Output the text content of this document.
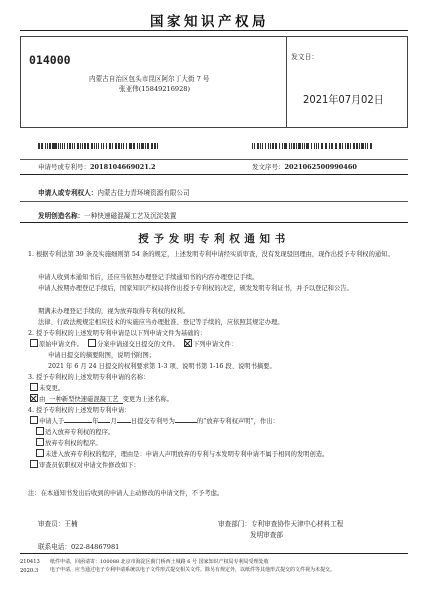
国家知识产权局
014000
内蒙古自治区包头市昆区阿尔丁大街 7 号
张亚伟(15849216928)
发文日：
2021年07月02日
申请号或专利号：2018104669021.2	发文序号：2021062500990460
申请人或专利权人：内蒙古佳力青环境资源有限公司
发明创造名称：一种快速磁混凝工艺及沉淀装置
授 予 发 明 专 利 权 通 知 书
1. 根据专利法第 39 条及实施细则第 54 条的规定，上述发明专利申请经实质审查，没有发现驳回理由，现作出授予专利权的通知。
申请人收到本通知书后，还应当依照办理登记手续通知书的内容办理登记手续。
申请人按期办理登记手续后，国家知识产权局将作出授予专利权的决定，颁发发明专利证书，并予以登记和公告。
期满未办理登记手续的，视为放弃取得专利权的权利。
法律、行政法规规定相应技术的实施应当办理批准、登记等手续的，应依照其规定办理。
2. 授予专利权的上述发明专利申请是以下列申请文件为基础的：
原始申请文件。 分案申请递交日提交的文件。 下列申请文件：
申请日提交的摘要附图，说明书附图；
2021 年 6 月 24 日提交的权利要求第 1-3 项、说明书第 1-16 段、说明书摘要。
3. 授予专利权的上述发明专利申请的名称：
未变更。
由 一种新型快速磁混凝工艺 变更为上述名称。
4. 授予专利权的上述发明专利申请：
申请人于	年 月 日提交专利号为	的“放弃专利权声明”，作出：
适入放弃专利权的程序。
放弃专利权的程序。
未进入放弃专利权的程序，理由是：申请人声明放弃的专利与本发明专利申请不属于相同的发明创造。
审查员依职权对申请文件修改如下：
注：在本通知书发出后收到的申请人主动修改的申请文件，不予考虑。
审查员：王楠	审查部门：专利审查协作天津中心材料工程
发明审查部
联系电话：022-84867981
210413
2020.3
纸件申请，回函请寄：100088 北京市海淀区蓟门桥西土城路 6 号 国家知识产权局专利局受理处收
电子申请，应当通过电子专利申请系统以电子文件形式提交相关文件。除另有规定外，以纸件等其他形式提交的文件视为未提交。
